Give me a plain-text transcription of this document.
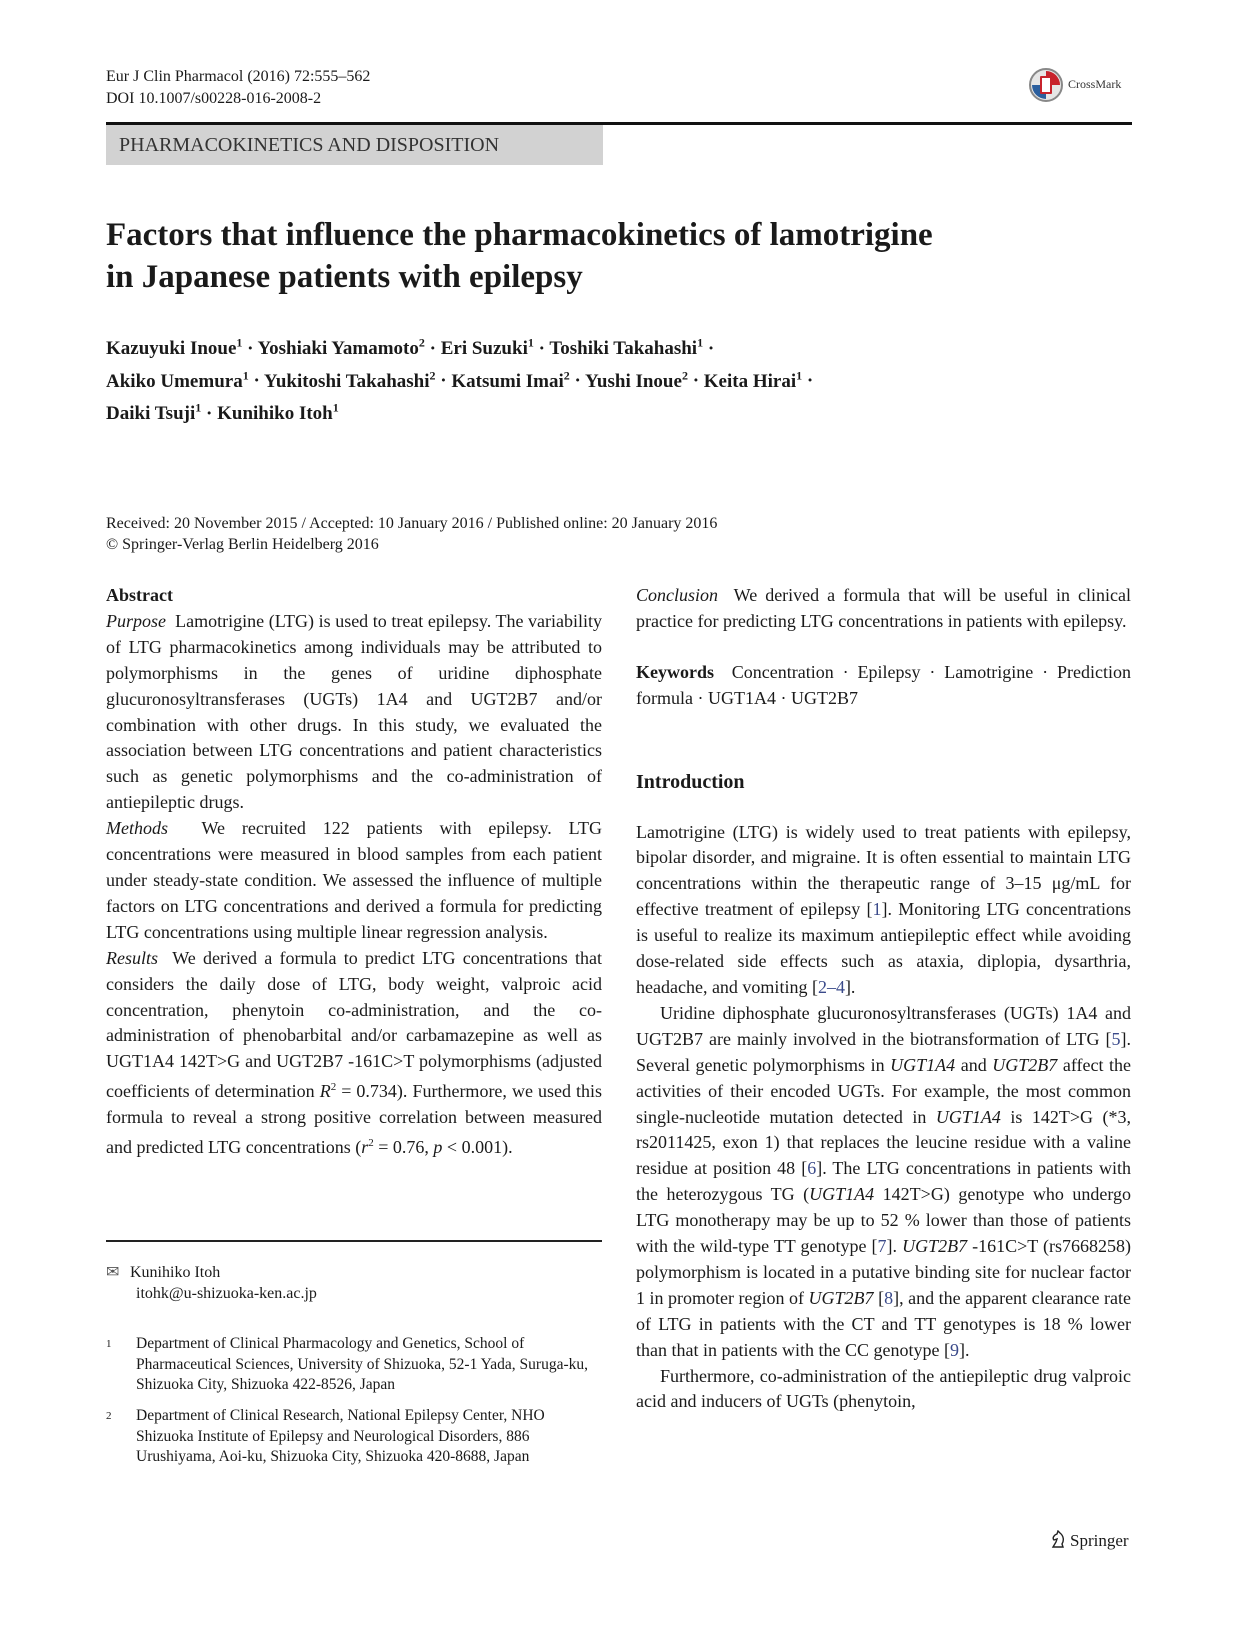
Eur J Clin Pharmacol (2016) 72:555–562
DOI 10.1007/s00228-016-2008-2
CrossMark
PHARMACOKINETICS AND DISPOSITION
Factors that influence the pharmacokinetics of lamotrigine
in Japanese patients with epilepsy
Kazuyuki Inoue$^1$ · Yoshiaki Yamamoto$^2$ · Eri Suzuki$^1$ · Toshiki Takahashi$^1$ ·
Akiko Umemura$^1$ · Yukitoshi Takahashi$^2$ · Katsumi Imai$^2$ · Yushi Inoue$^2$ · Keita Hirai$^1$ ·
Daiki Tsuji$^1$ · Kunihiko Itoh$^1$
Received: 20 November 2015 / Accepted: 10 January 2016 / Published online: 20 January 2016
© Springer-Verlag Berlin Heidelberg 2016

Abstract

Purpose Lamotrigine (LTG) is used to treat epilepsy. The variability of LTG pharmacokinetics among individuals may be attributed to polymorphisms in the genes of uridine diphosphate glucuronosyltransferases (UGTs) 1A4 and UGT2B7 and/or combination with other drugs. In this study, we evaluated the association between LTG concentrations and patient characteristics such as genetic polymorphisms and the co-administration of antiepileptic drugs.

Methods We recruited 122 patients with epilepsy. LTG concentrations were measured in blood samples from each patient under steady-state condition. We assessed the influence of multiple factors on LTG concentrations and derived a formula for predicting LTG concentrations using multiple linear regression analysis.

Results We derived a formula to predict LTG concentrations that considers the daily dose of LTG, body weight, valproic acid concentration, phenytoin co-administration, and the co-administration of phenobarbital and/or carbamazepine as well as UGT1A4 142T>G and UGT2B7 -161C>T polymorphisms (adjusted coefficients of determination $R^2 = 0.734$). Furthermore, we used this formula to reveal a strong positive correlation between measured and predicted LTG concentrations ($r^2 = 0.76$, p < 0.001).

✉ Kunihiko Itoh
itohk@u-shizuoka-ken.ac.jp
1 Department of Clinical Pharmacology and Genetics, School of Pharmaceutical Sciences, University of Shizuoka, 52-1 Yada, Suruga-ku, Shizuoka City, Shizuoka 422-8526, Japan
2 Department of Clinical Research, National Epilepsy Center, NHO Shizuoka Institute of Epilepsy and Neurological Disorders, 886 Urushiyama, Aoi-ku, Shizuoka City, Shizuoka 420-8688, Japan

Conclusion We derived a formula that will be useful in clinical practice for predicting LTG concentrations in patients with epilepsy.

Keywords Concentration · Epilepsy · Lamotrigine · Prediction formula · UGT1A4 · UGT2B7

Introduction

Lamotrigine (LTG) is widely used to treat patients with epilepsy, bipolar disorder, and migraine. It is often essential to maintain LTG concentrations within the therapeutic range of 3–15 μg/mL for effective treatment of epilepsy [1]. Monitoring LTG concentrations is useful to realize its maximum antiepileptic effect while avoiding dose-related side effects such as ataxia, diplopia, dysarthria, headache, and vomiting [2–4].

Uridine diphosphate glucuronosyltransferases (UGTs) 1A4 and UGT2B7 are mainly involved in the biotransformation of LTG [5]. Several genetic polymorphisms in UGT1A4 and UGT2B7 affect the activities of their encoded UGTs. For example, the most common single-nucleotide mutation detected in UGT1A4 is 142T>G (*3, rs2011425, exon 1) that replaces the leucine residue with a valine residue at position 48 [6]. The LTG concentrations in patients with the heterozygous TG (UGT1A4 142T>G) genotype who undergo LTG monotherapy may be up to 52 % lower than those of patients with the wild-type TT genotype [7]. UGT2B7 -161C>T (rs7668258) polymorphism is located in a putative binding site for nuclear factor 1 in promoter region of UGT2B7 [8], and the apparent clearance rate of LTG in patients with the CT and TT genotypes is 18 % lower than that in patients with the CC genotype [9].

Furthermore, co-administration of the antiepileptic drug valproic acid and inducers of UGTs (phenytoin,

Springer
